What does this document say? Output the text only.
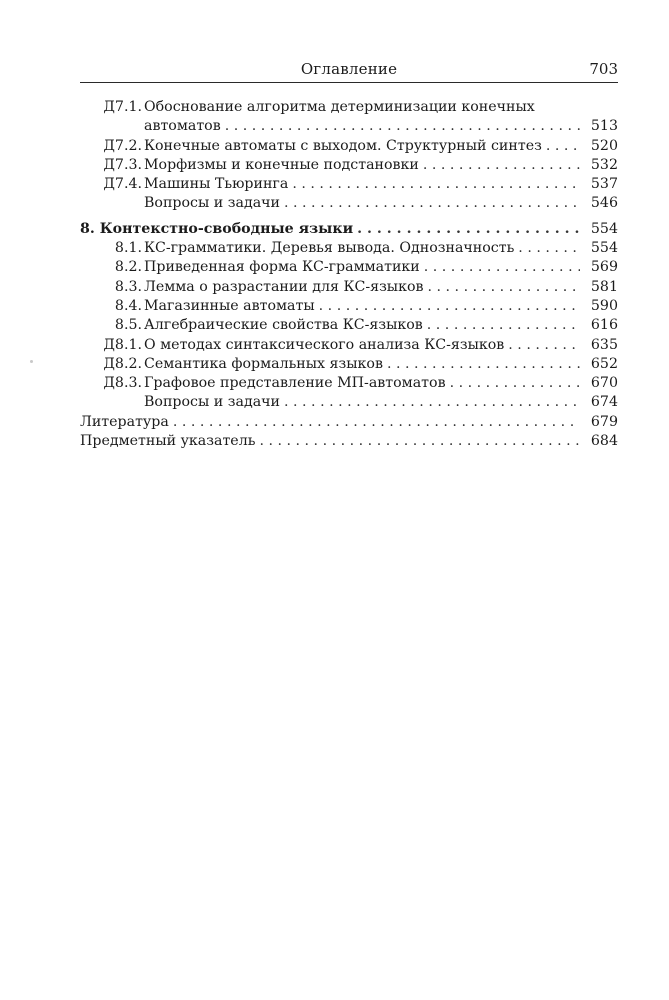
Оглавление	703
Д7.1. Обоснование алгоритма детерминизации конечных
автоматов . . .	513
Д7.2. Конечные автоматы с выходом. Структурный синтез . . .	520
Д7.3. Морфизмы и конечные подстановки . . .	532
Д7.4. Машины Тьюринга . . .	537
Вопросы и задачи . . .	546
8. Контекстно-свободные языки . . .	554
8.1. КС-грамматики. Деревья вывода. Однозначность . . .	554
8.2. Приведенная форма КС-грамматики . . .	569
8.3. Лемма о разрастании для КС-языков . . .	581
8.4. Магазинные автоматы . . .	590
8.5. Алгебраические свойства КС-языков . . .	616
Д8.1. О методах синтаксического анализа КС-языков . . .	635
Д8.2. Семантика формальных языков . . .	652
Д8.3. Графовое представление МП-автоматов . . .	670
Вопросы и задачи . . .	674
Литература . . .	679
Предметный указатель . . .	684
